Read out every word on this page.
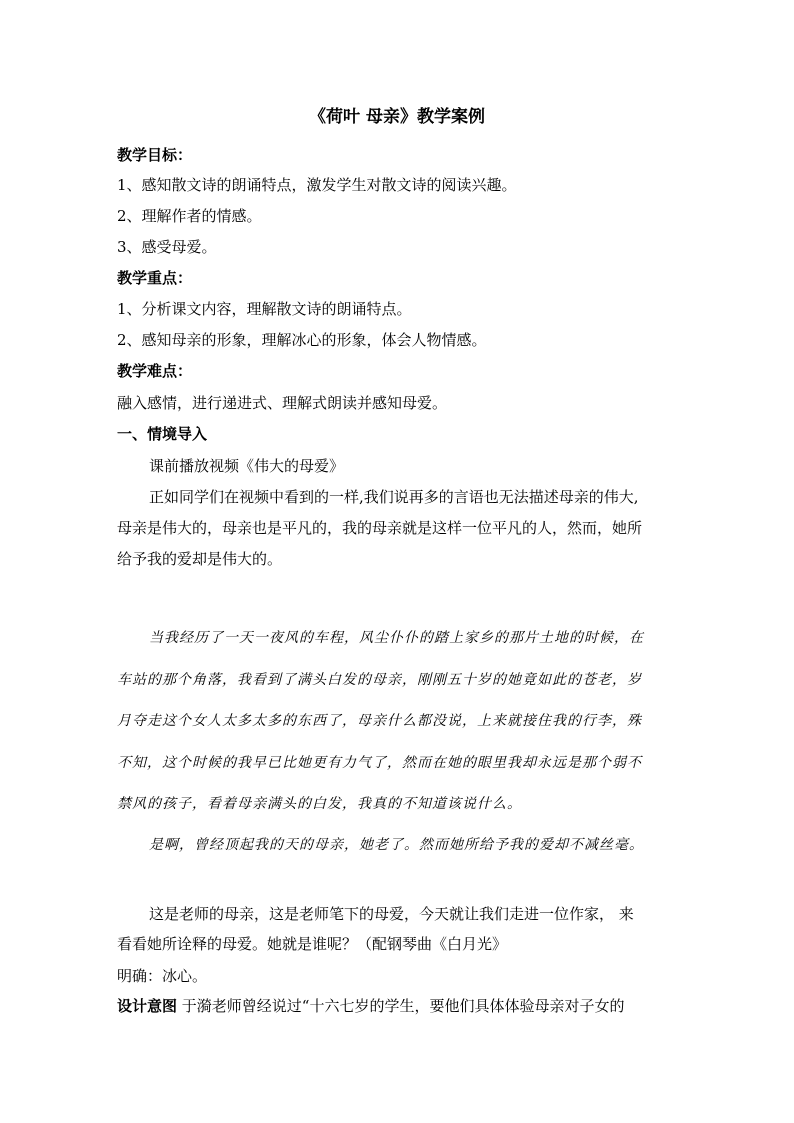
《荷叶 母亲》教学案例
教学目标：
1、感知散文诗的朗诵特点，激发学生对散文诗的阅读兴趣。
2、理解作者的情感。
3、感受母爱。
教学重点：
1、分析课文内容，理解散文诗的朗诵特点。
2、感知母亲的形象，理解冰心的形象，体会人物情感。
教学难点：
融入感情，进行递进式、理解式朗读并感知母爱。
一、情境导入
课前播放视频《伟大的母爱》
正如同学们在视频中看到的一样,我们说再多的言语也无法描述母亲的伟大,
母亲是伟大的，母亲也是平凡的，我的母亲就是这样一位平凡的人，然而，她所
给予我的爱却是伟大的。
当我经历了一天一夜风的车程，风尘仆仆的踏上家乡的那片土地的时候，在
车站的那个角落，我看到了满头白发的母亲，刚刚五十岁的她竟如此的苍老，岁
月夺走这个女人太多太多的东西了，母亲什么都没说，上来就接住我的行李，殊
不知，这个时候的我早已比她更有力气了，然而在她的眼里我却永远是那个弱不
禁风的孩子，看着母亲满头的白发，我真的不知道该说什么。
是啊，曾经顶起我的天的母亲，她老了。然而她所给予我的爱却不减丝毫。
这是老师的母亲，这是老师笔下的母爱，今天就让我们走进一位作家， 来
看看她所诠释的母爱。她就是谁呢？（配钢琴曲《白月光》
明确：冰心。
设计意图 于漪老师曾经说过“十六七岁的学生，要他们具体体验母亲对子女的
